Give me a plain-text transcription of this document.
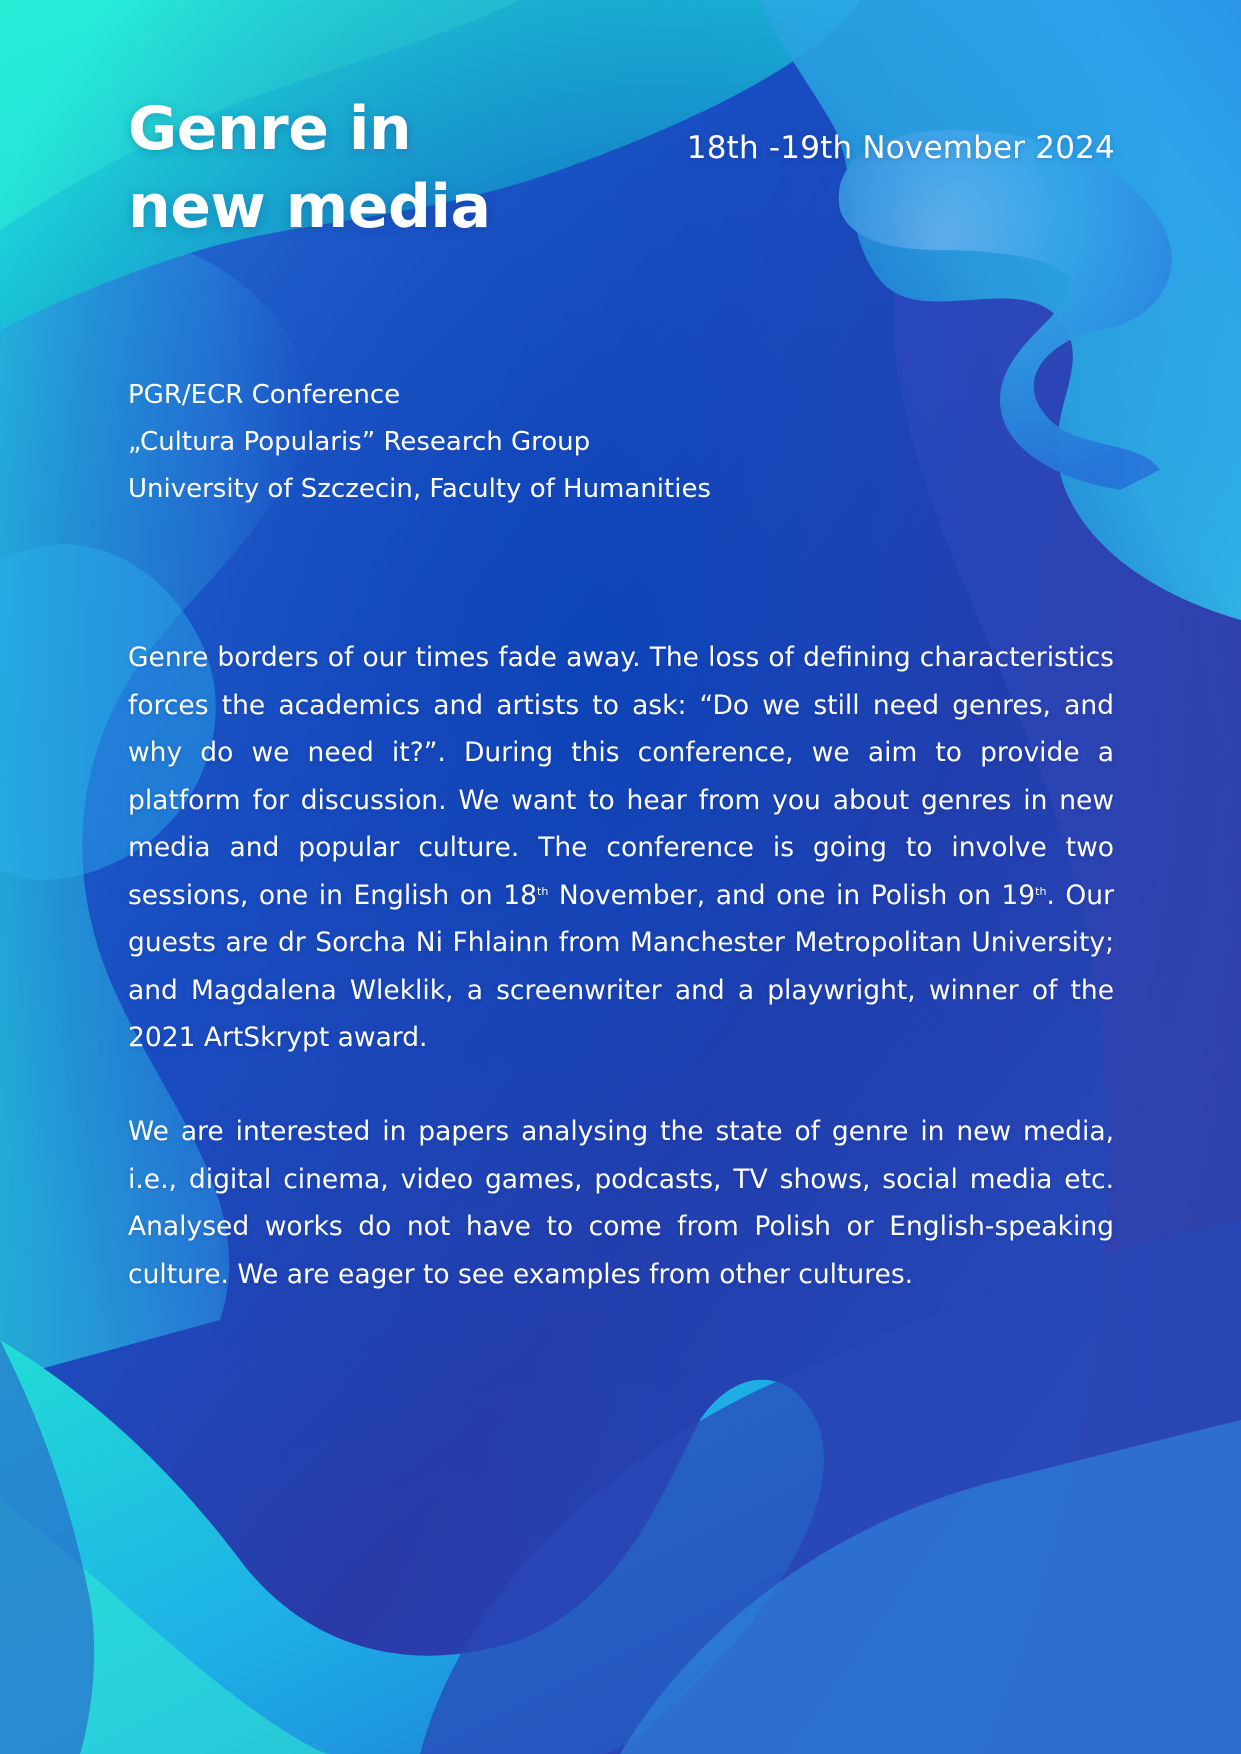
Genre in
new media
18th -19th November 2024
PGR/ECR Conference
„Cultura Popularis” Research Group
University of Szczecin, Faculty of Humanities

Genre borders of our times fade away. The loss of defining characteristics forces the academics and artists to ask: “Do we still need genres, and why do we need it?”. During this conference, we aim to provide a platform for discussion. We want to hear from you about genres in new media and popular culture. The conference is going to involve two sessions, one in English on 18th November, and one in Polish on 19th. Our guests are dr Sorcha Ni Fhlainn from Manchester Metropolitan University; and Magdalena Wleklik, a screenwriter and a playwright, winner of the 2021 ArtSkrypt award.

We are interested in papers analysing the state of genre in new media, i.e., digital cinema, video games, podcasts, TV shows, social media etc. Analysed works do not have to come from Polish or English-speaking culture. We are eager to see examples from other cultures.
